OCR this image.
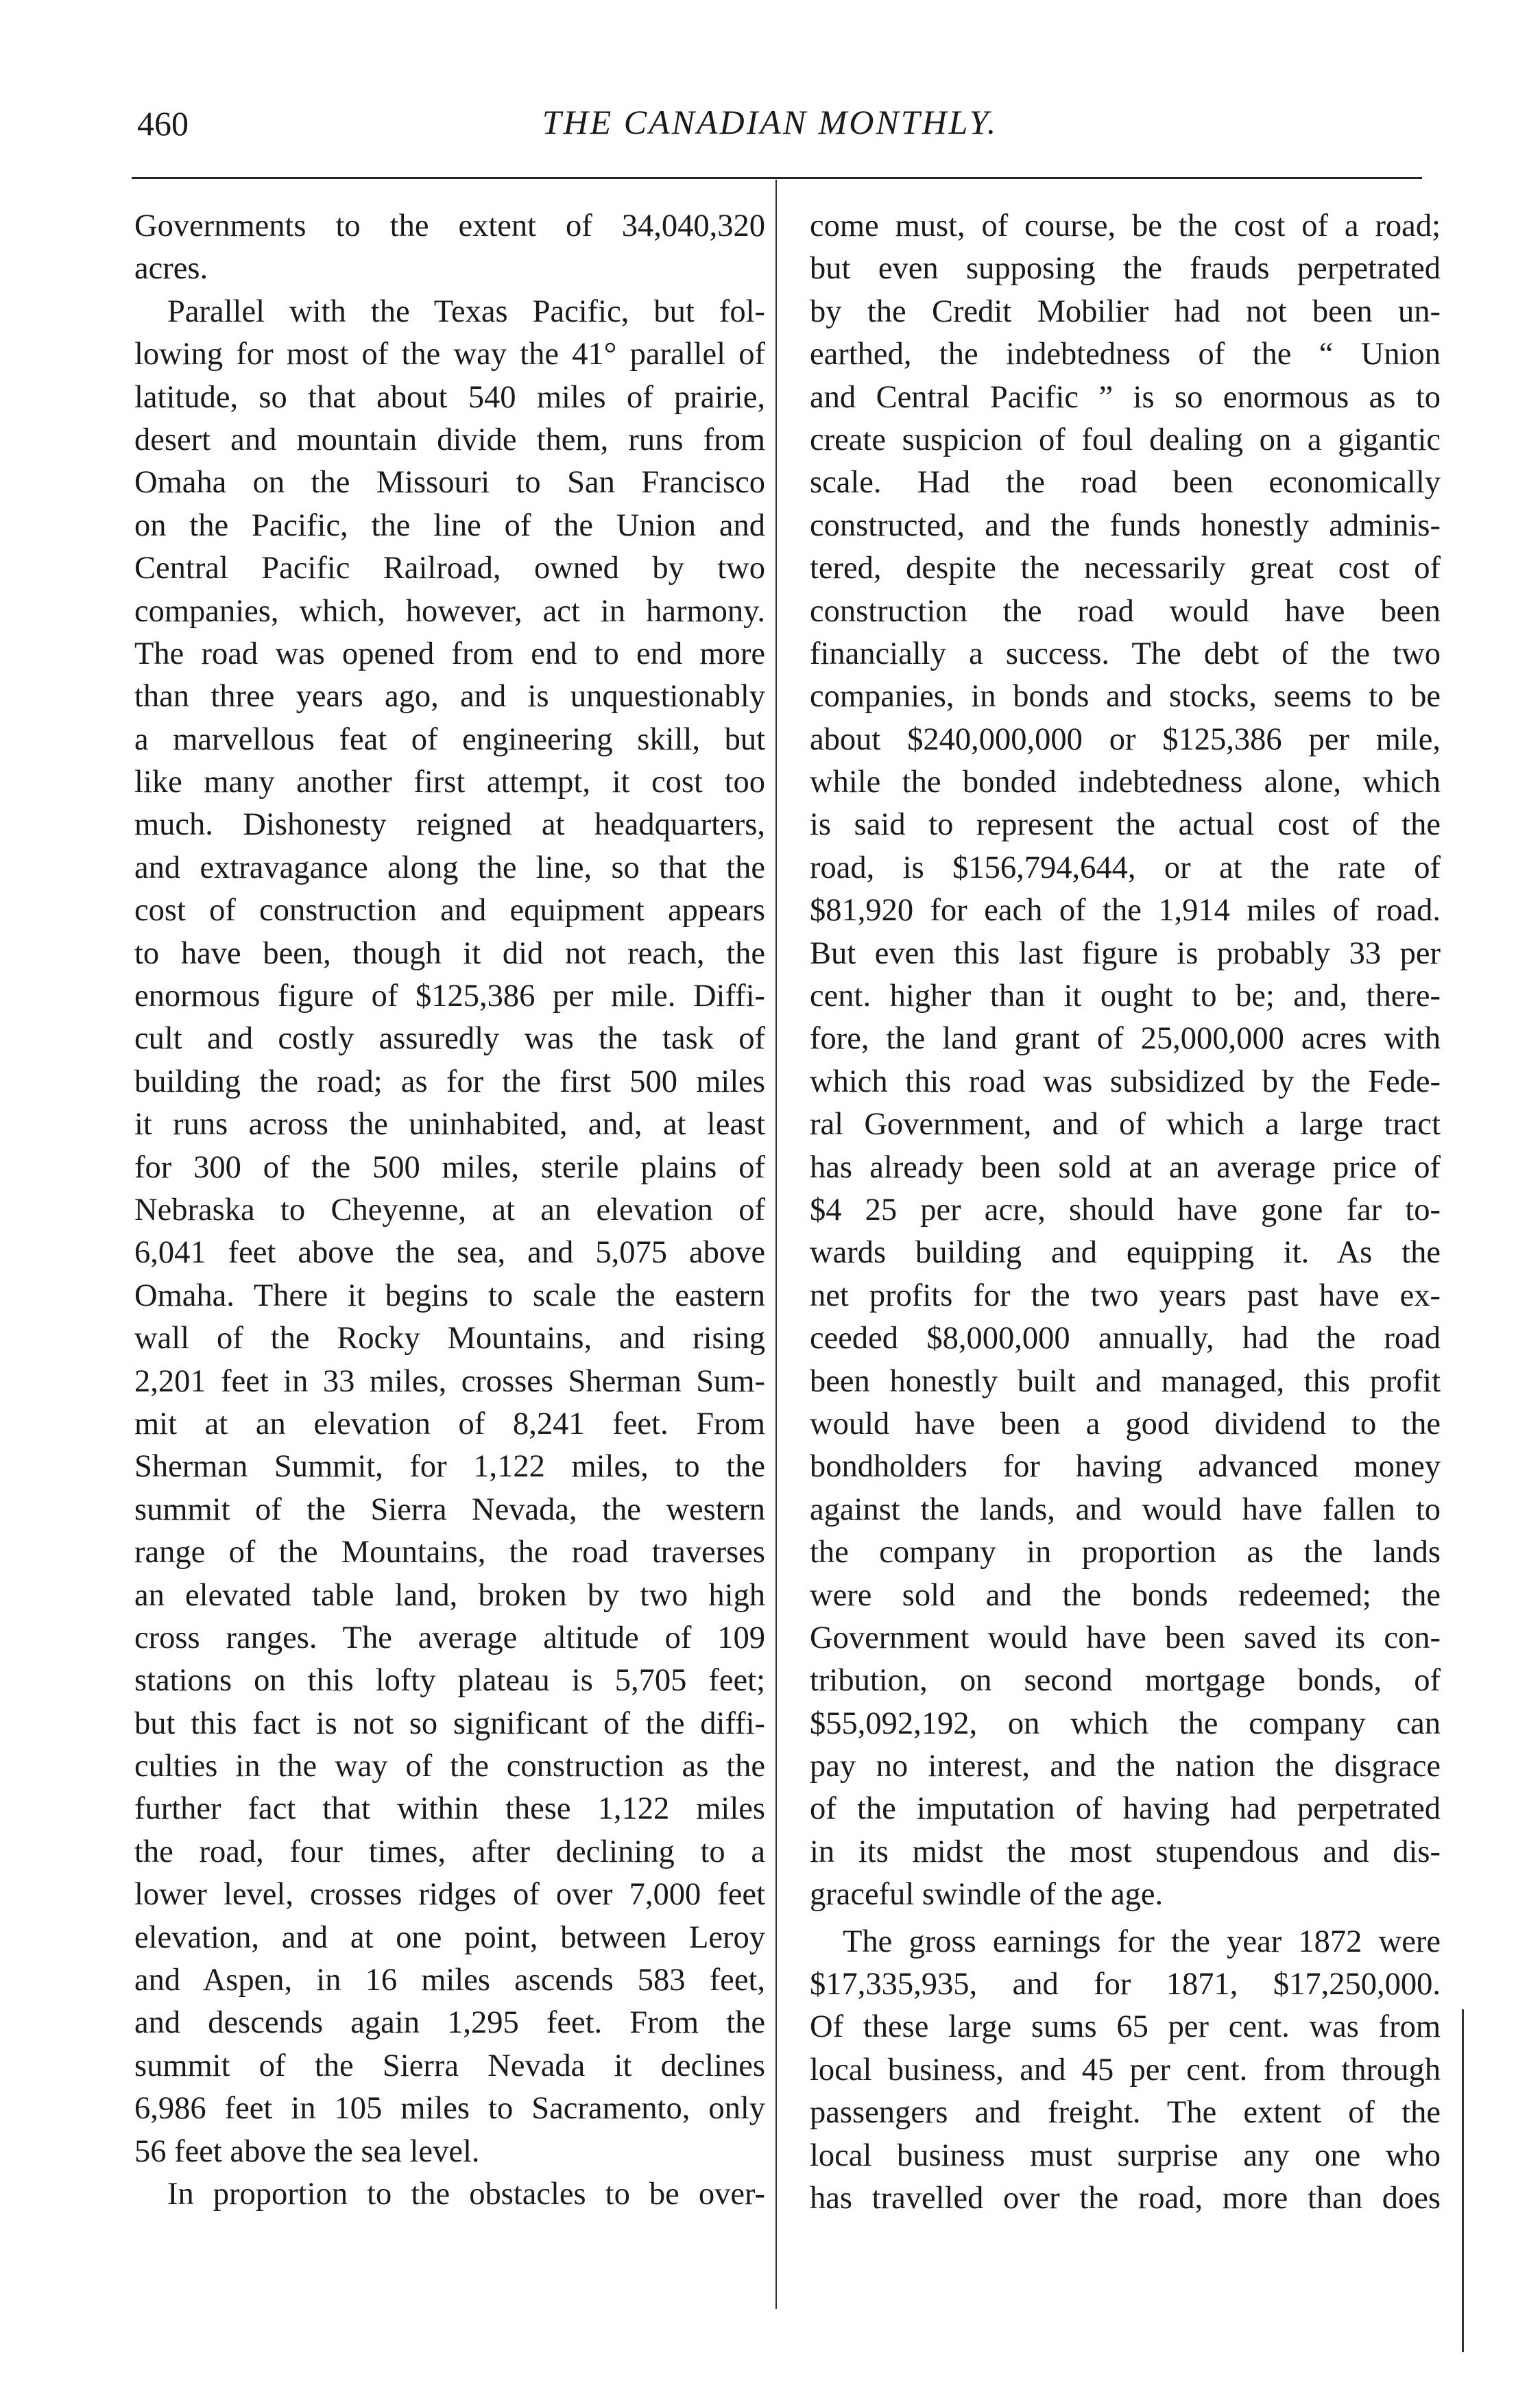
460	THE CANADIAN MONTHLY.
Governments to the extent of 34,040,320
acres.
Parallel with the Texas Pacific, but fol-
lowing for most of the way the 41° parallel of
latitude, so that about 540 miles of prairie,
desert and mountain divide them, runs from
Omaha on the Missouri to San Francisco
on the Pacific, the line of the Union and
Central Pacific Railroad, owned by two
companies, which, however, act in harmony.
The road was opened from end to end more
than three years ago, and is unquestionably
a marvellous feat of engineering skill, but
like many another first attempt, it cost too
much. Dishonesty reigned at headquarters,
and extravagance along the line, so that the
cost of construction and equipment appears
to have been, though it did not reach, the
enormous figure of $125,386 per mile. Diffi-
cult and costly assuredly was the task of
building the road; as for the first 500 miles
it runs across the uninhabited, and, at least
for 300 of the 500 miles, sterile plains of
Nebraska to Cheyenne, at an elevation of
6,041 feet above the sea, and 5,075 above
Omaha. There it begins to scale the eastern
wall of the Rocky Mountains, and rising
2,201 feet in 33 miles, crosses Sherman Sum-
mit at an elevation of 8,241 feet. From
Sherman Summit, for 1,122 miles, to the
summit of the Sierra Nevada, the western
range of the Mountains, the road traverses
an elevated table land, broken by two high
cross ranges. The average altitude of 109
stations on this lofty plateau is 5,705 feet;
but this fact is not so significant of the diffi-
culties in the way of the construction as the
further fact that within these 1,122 miles
the road, four times, after declining to a
lower level, crosses ridges of over 7,000 feet
elevation, and at one point, between Leroy
and Aspen, in 16 miles ascends 583 feet,
and descends again 1,295 feet. From the
summit of the Sierra Nevada it declines
6,986 feet in 105 miles to Sacramento, only
56 feet above the sea level.
In proportion to the obstacles to be over-
come must, of course, be the cost of a road;
but even supposing the frauds perpetrated
by the Credit Mobilier had not been un-
earthed, the indebtedness of the “ Union
and Central Pacific ” is so enormous as to
create suspicion of foul dealing on a gigantic
scale. Had the road been economically
constructed, and the funds honestly adminis-
tered, despite the necessarily great cost of
construction the road would have been
financially a success. The debt of the two
companies, in bonds and stocks, seems to be
about $240,000,000 or $125,386 per mile,
while the bonded indebtedness alone, which
is said to represent the actual cost of the
road, is $156,794,644, or at the rate of
$81,920 for each of the 1,914 miles of road.
But even this last figure is probably 33 per
cent. higher than it ought to be; and, there-
fore, the land grant of 25,000,000 acres with
which this road was subsidized by the Fede-
ral Government, and of which a large tract
has already been sold at an average price of
$4 25 per acre, should have gone far to-
wards building and equipping it. As the
net profits for the two years past have ex-
ceeded $8,000,000 annually, had the road
been honestly built and managed, this profit
would have been a good dividend to the
bondholders for having advanced money
against the lands, and would have fallen to
the company in proportion as the lands
were sold and the bonds redeemed; the
Government would have been saved its con-
tribution, on second mortgage bonds, of
$55,092,192, on which the company can
pay no interest, and the nation the disgrace
of the imputation of having had perpetrated
in its midst the most stupendous and dis-
graceful swindle of the age.
The gross earnings for the year 1872 were
$17,335,935, and for 1871, $17,250,000.
Of these large sums 65 per cent. was from
local business, and 45 per cent. from through
passengers and freight. The extent of the
local business must surprise any one who
has travelled over the road, more than does
